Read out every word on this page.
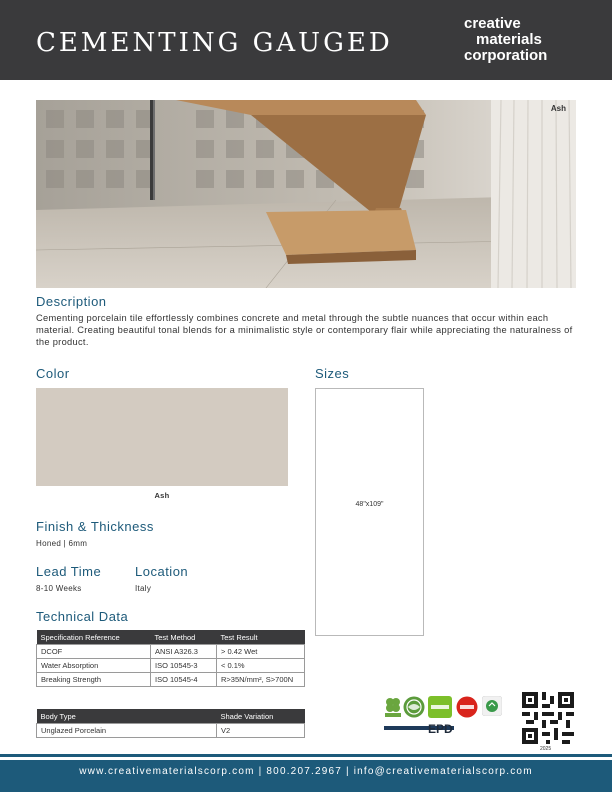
CEMENTING GAUGED
creative
materials
corporation
Ash
Description
Cementing porcelain tile effortlessly combines concrete and metal through the subtle nuances that occur within each material. Creating beautiful tonal blends for a minimalistic style or contemporary flair while appreciating the naturalness of the product.
Color
Ash
Sizes
48"x109"
Finish & Thickness
Honed | 6mm
Lead Time
8-10 Weeks
Location
Italy
Technical Data
Specification Reference	Test Method	Test Result
DCOF	ANSI A326.3	> 0.42 Wet
Water Absorption	ISO 10545-3	< 0.1%
Breaking Strength	ISO 10545-4	R>35N/mm², S>700N
Body Type	Shade Variation
Unglazed Porcelain	V2	EPD
2025
www.creativematerialscorp.com | 800.207.2967 | info@creativematerialscorp.com
